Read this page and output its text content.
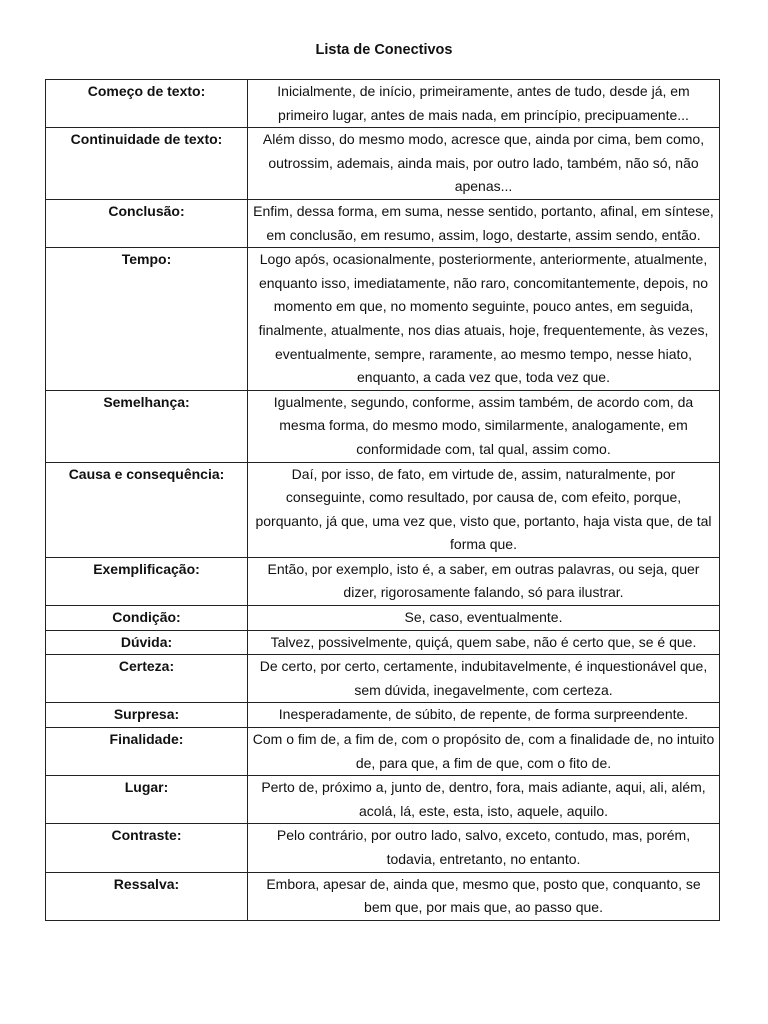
Lista de Conectivos
Começo de texto:	Inicialmente, de início, primeiramente, antes de tudo, desde já, em primeiro lugar, antes de mais nada, em princípio, precipuamente...
Continuidade de texto:	Além disso, do mesmo modo, acresce que, ainda por cima, bem como, outrossim, ademais, ainda mais, por outro lado, também, não só, não apenas...
Conclusão:	Enfim, dessa forma, em suma, nesse sentido, portanto, afinal, em síntese, em conclusão, em resumo, assim, logo, destarte, assim sendo, então.
Tempo:	Logo após, ocasionalmente, posteriormente, anteriormente, atualmente, enquanto isso, imediatamente, não raro, concomitantemente, depois, no momento em que, no momento seguinte, pouco antes, em seguida, finalmente, atualmente, nos dias atuais, hoje, frequentemente, às vezes, eventualmente, sempre, raramente, ao mesmo tempo, nesse hiato, enquanto, a cada vez que, toda vez que.
Semelhança:	Igualmente, segundo, conforme, assim também, de acordo com, da mesma forma, do mesmo modo, similarmente, analogamente, em conformidade com, tal qual, assim como.
Causa e consequência:	Daí, por isso, de fato, em virtude de, assim, naturalmente, por conseguinte, como resultado, por causa de, com efeito, porque, porquanto, já que, uma vez que, visto que, portanto, haja vista que, de tal forma que.
Exemplificação:	Então, por exemplo, isto é, a saber, em outras palavras, ou seja, quer dizer, rigorosamente falando, só para ilustrar.
Condição:	Se, caso, eventualmente.
Dúvida:	Talvez, possivelmente, quiçá, quem sabe, não é certo que, se é que.
Certeza:	De certo, por certo, certamente, indubitavelmente, é inquestionável que, sem dúvida, inegavelmente, com certeza.
Surpresa:	Inesperadamente, de súbito, de repente, de forma surpreendente.
Finalidade:	Com o fim de, a fim de, com o propósito de, com a finalidade de, no intuito de, para que, a fim de que, com o fito de.
Lugar:	Perto de, próximo a, junto de, dentro, fora, mais adiante, aqui, ali, além, acolá, lá, este, esta, isto, aquele, aquilo.
Contraste:	Pelo contrário, por outro lado, salvo, exceto, contudo, mas, porém, todavia, entretanto, no entanto.
Ressalva:	Embora, apesar de, ainda que, mesmo que, posto que, conquanto, se bem que, por mais que, ao passo que.
